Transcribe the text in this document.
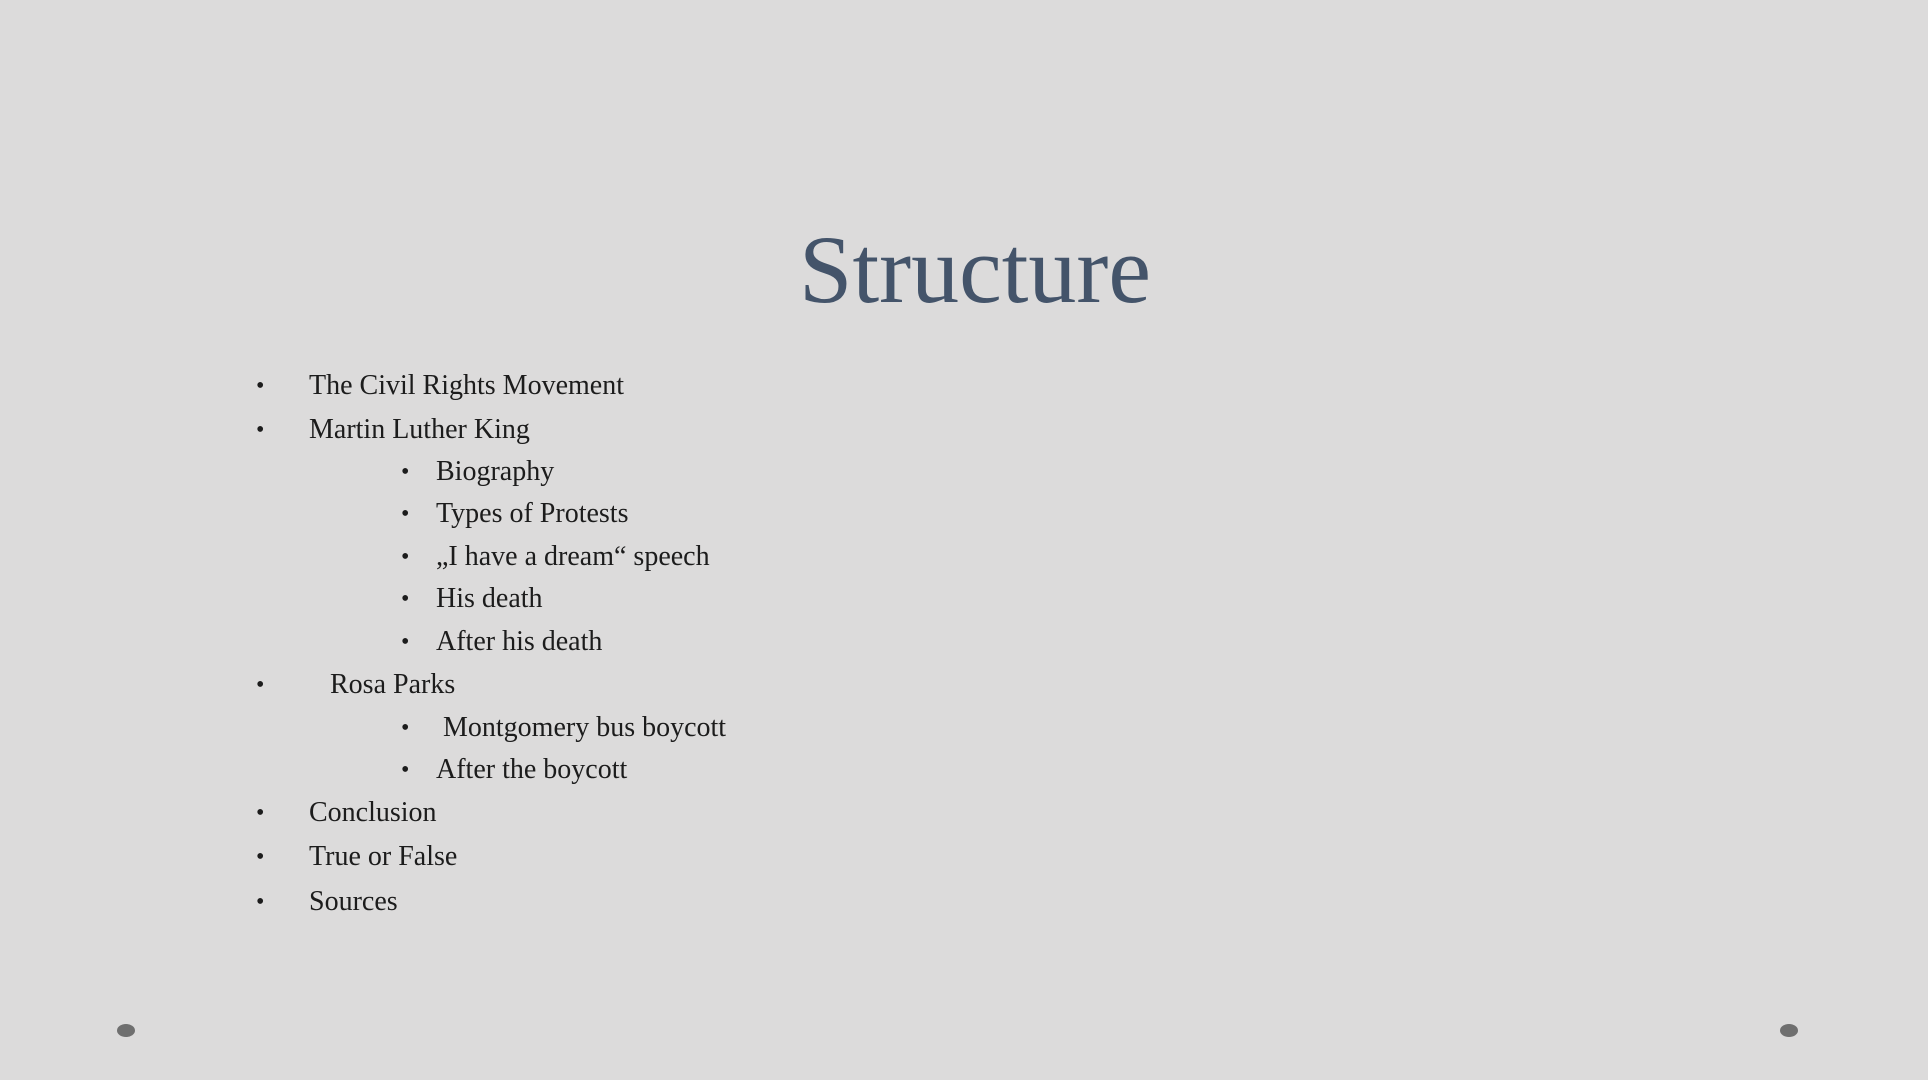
Structure
• The Civil Rights Movement
• Martin Luther King
• Biography
• Types of Protests
• „I have a dream“ speech
• His death
• After his death
• Rosa Parks
• Montgomery bus boycott
• After the boycott
• Conclusion
• True or False
• Sources
